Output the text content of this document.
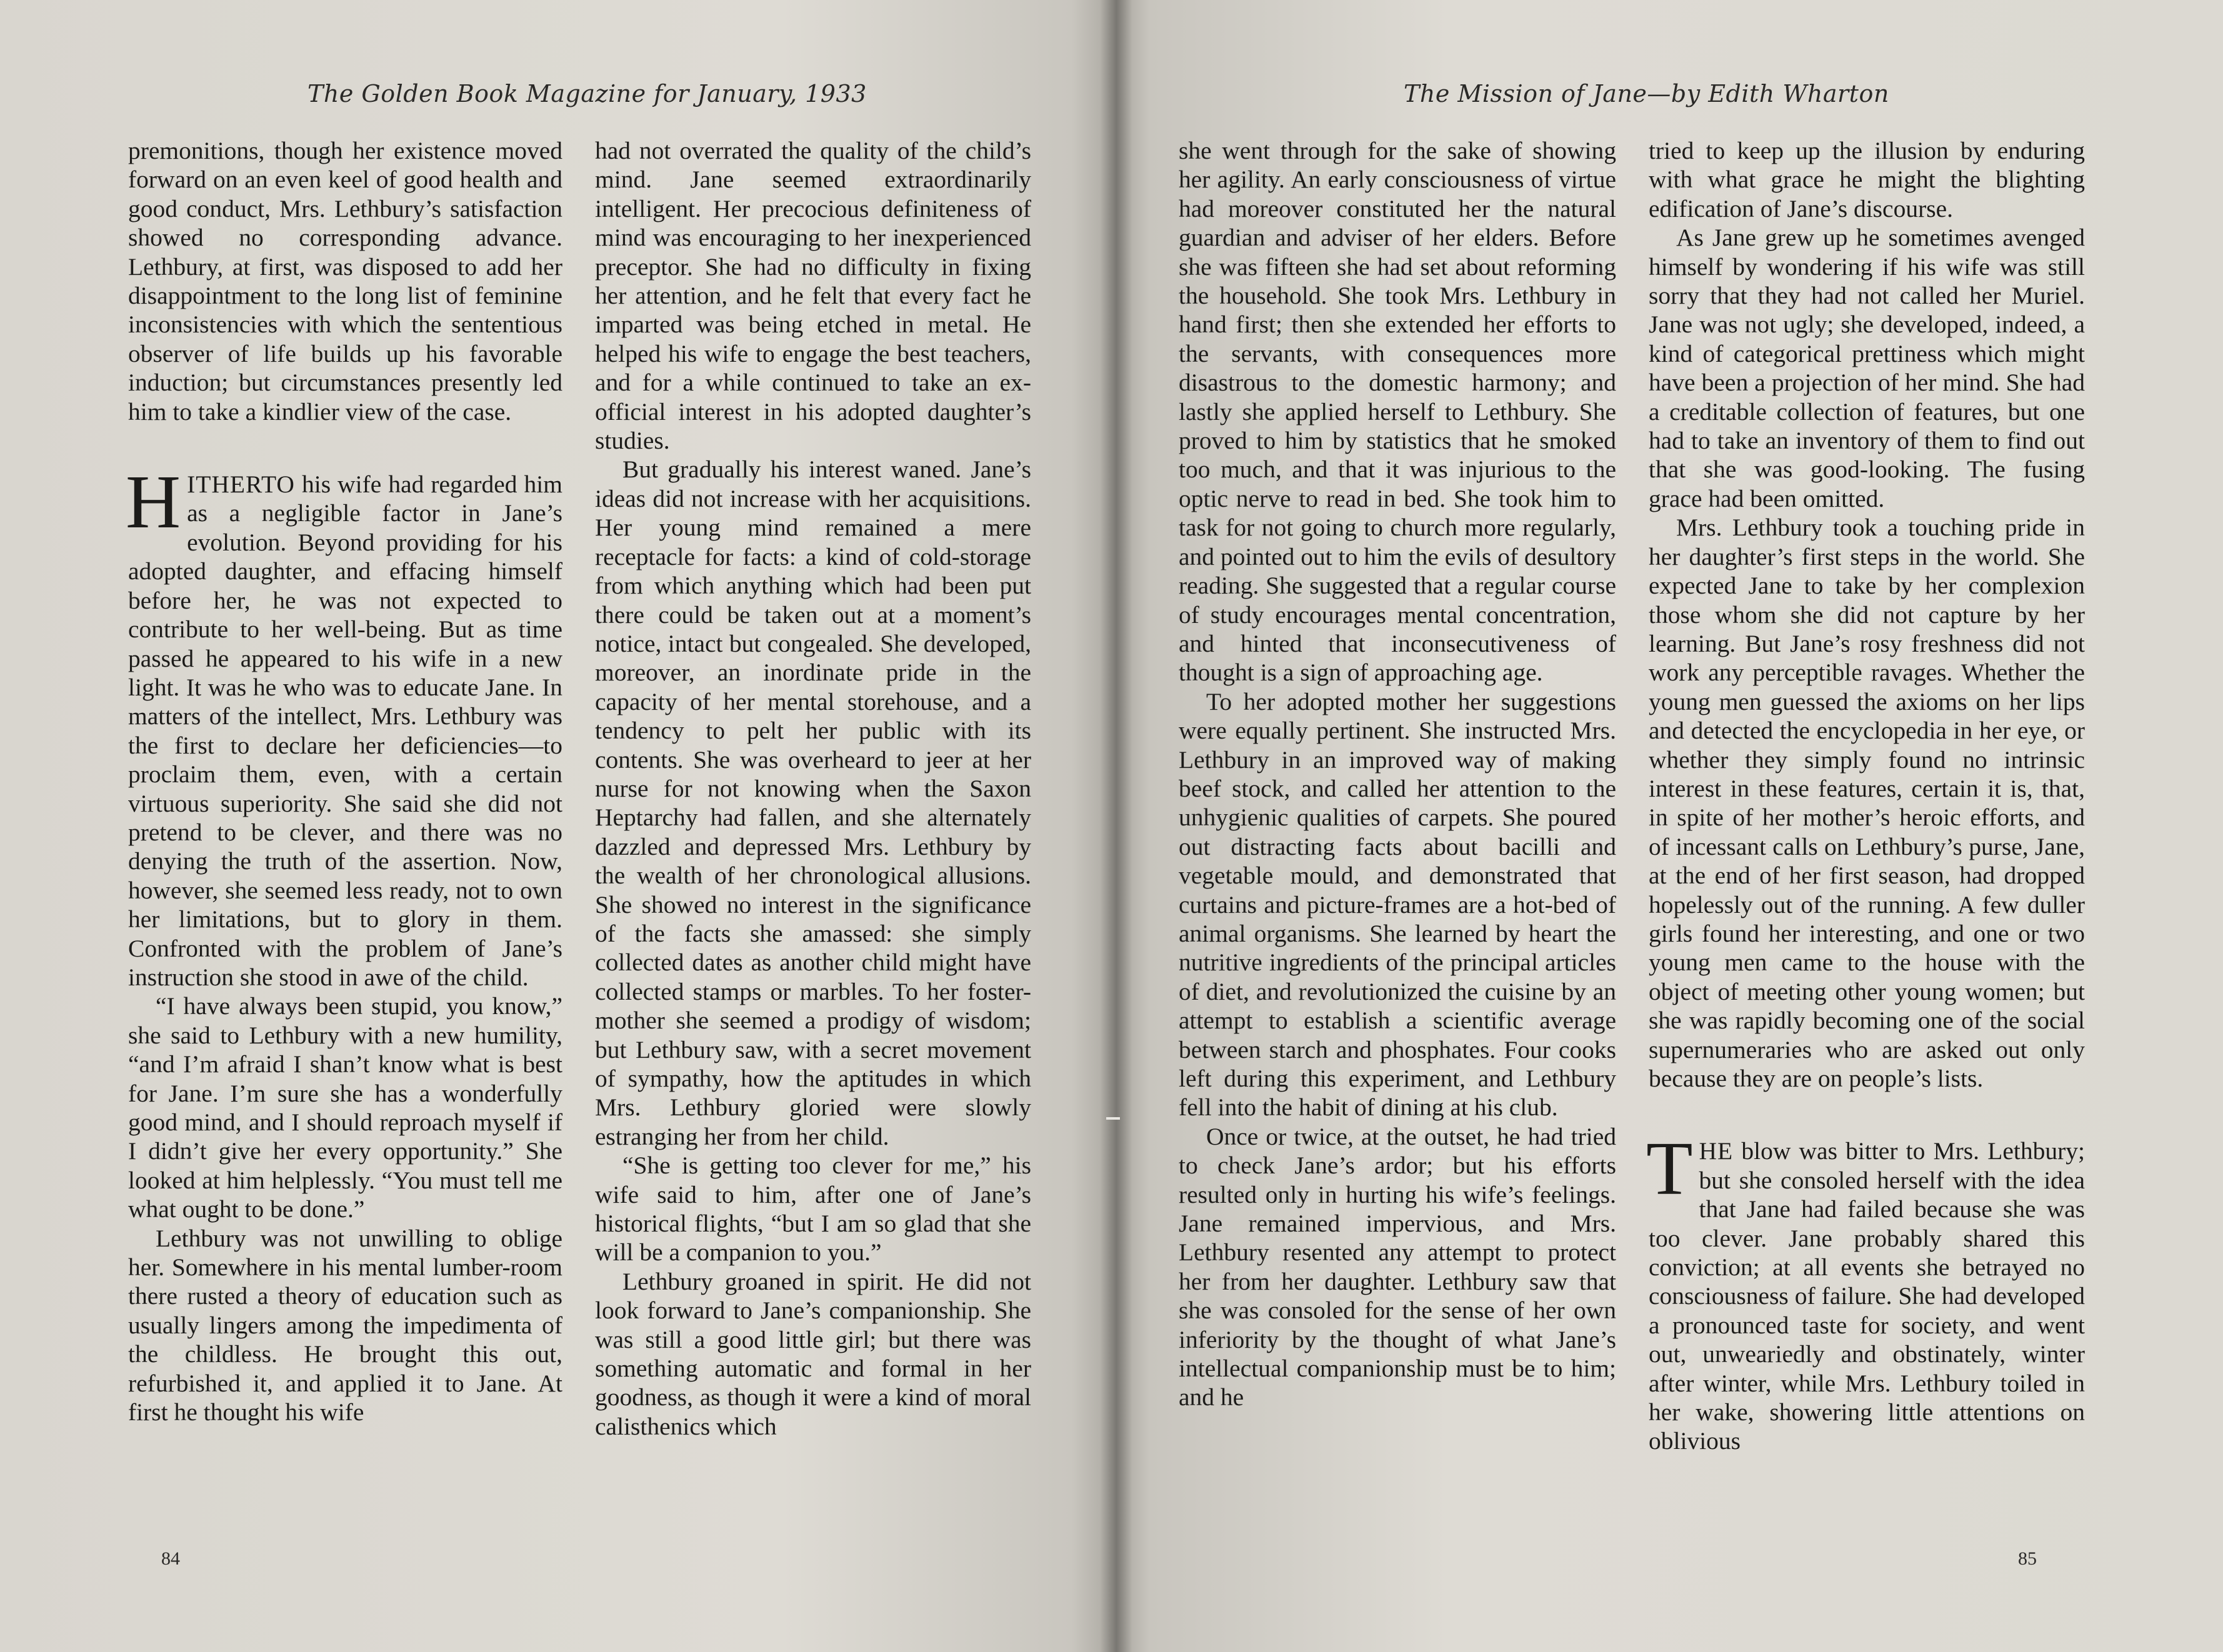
The Golden Book Magazine for January, 1933

premonitions, though her existence moved forward on an even keel of good health and good conduct, Mrs. Lethbury’s satisfaction showed no corresponding advance. Lethbury, at first, was disposed to add her disappointment to the long list of feminine inconsistencies with which the sententious observer of life builds up his favorable induction; but circumstances presently led him to take a kindlier view of the case.

HITHERTO his wife had regarded him as a negligible factor in Jane’s evolution. Beyond providing for his adopted daughter, and effacing himself before her, he was not expected to contribute to her well-being. But as time passed he appeared to his wife in a new light. It was he who was to educate Jane. In matters of the intellect, Mrs. Lethbury was the first to declare her deficiencies—to proclaim them, even, with a certain virtuous superiority. She said she did not pretend to be clever, and there was no denying the truth of the assertion. Now, however, she seemed less ready, not to own her limitations, but to glory in them. Confronted with the problem of Jane’s instruction she stood in awe of the child.

“I have always been stupid, you know,” she said to Lethbury with a new humility, “and I’m afraid I shan’t know what is best for Jane. I’m sure she has a wonderfully good mind, and I should reproach myself if I didn’t give her every opportunity.” She looked at him helplessly. “You must tell me what ought to be done.”

Lethbury was not unwilling to oblige her. Somewhere in his mental lumber-room there rusted a theory of education such as usually lingers among the impedimenta of the childless. He brought this out, refurbished it, and applied it to Jane. At first he thought his wife

had not overrated the quality of the child’s mind. Jane seemed extraordinarily intelligent. Her precocious definiteness of mind was encouraging to her inexperienced preceptor. She had no difficulty in fixing her attention, and he felt that every fact he imparted was being etched in metal. He helped his wife to engage the best teachers, and for a while continued to take an ex-official interest in his adopted daughter’s studies.

But gradually his interest waned. Jane’s ideas did not increase with her acquisitions. Her young mind remained a mere receptacle for facts: a kind of cold-storage from which anything which had been put there could be taken out at a moment’s notice, intact but congealed. She developed, moreover, an inordinate pride in the capacity of her mental storehouse, and a tendency to pelt her public with its contents. She was overheard to jeer at her nurse for not knowing when the Saxon Heptarchy had fallen, and she alternately dazzled and depressed Mrs. Lethbury by the wealth of her chronological allusions. She showed no interest in the significance of the facts she amassed: she simply collected dates as another child might have collected stamps or marbles. To her foster-mother she seemed a prodigy of wisdom; but Lethbury saw, with a secret movement of sympathy, how the aptitudes in which Mrs. Lethbury gloried were slowly estranging her from her child.

“She is getting too clever for me,” his wife said to him, after one of Jane’s historical flights, “but I am so glad that she will be a companion to you.”

Lethbury groaned in spirit. He did not look forward to Jane’s companionship. She was still a good little girl; but there was something automatic and formal in her goodness, as though it were a kind of moral calisthenics which

84
The Mission of Jane—by Edith Wharton

she went through for the sake of showing her agility. An early consciousness of virtue had moreover constituted her the natural guardian and adviser of her elders. Before she was fifteen she had set about reforming the household. She took Mrs. Lethbury in hand first; then she extended her efforts to the servants, with consequences more disastrous to the domestic harmony; and lastly she applied herself to Lethbury. She proved to him by statistics that he smoked too much, and that it was injurious to the optic nerve to read in bed. She took him to task for not going to church more regularly, and pointed out to him the evils of desultory reading. She suggested that a regular course of study encourages mental concentration, and hinted that inconsecutiveness of thought is a sign of approaching age.

To her adopted mother her suggestions were equally pertinent. She instructed Mrs. Lethbury in an improved way of making beef stock, and called her attention to the unhygienic qualities of carpets. She poured out distracting facts about bacilli and vegetable mould, and demonstrated that curtains and picture-frames are a hot-bed of animal organisms. She learned by heart the nutritive ingredients of the principal articles of diet, and revolutionized the cuisine by an attempt to establish a scientific average between starch and phosphates. Four cooks left during this experiment, and Lethbury fell into the habit of dining at his club.

Once or twice, at the outset, he had tried to check Jane’s ardor; but his efforts resulted only in hurting his wife’s feelings. Jane remained impervious, and Mrs. Lethbury resented any attempt to protect her from her daughter. Lethbury saw that she was consoled for the sense of her own inferiority by the thought of what Jane’s intellectual companionship must be to him; and he

tried to keep up the illusion by enduring with what grace he might the blighting edification of Jane’s discourse.

As Jane grew up he sometimes avenged himself by wondering if his wife was still sorry that they had not called her Muriel. Jane was not ugly; she developed, indeed, a kind of categorical prettiness which might have been a projection of her mind. She had a creditable collection of features, but one had to take an inventory of them to find out that she was good-looking. The fusing grace had been omitted.

Mrs. Lethbury took a touching pride in her daughter’s first steps in the world. She expected Jane to take by her complexion those whom she did not capture by her learning. But Jane’s rosy freshness did not work any perceptible ravages. Whether the young men guessed the axioms on her lips and detected the encyclopedia in her eye, or whether they simply found no intrinsic interest in these features, certain it is, that, in spite of her mother’s heroic efforts, and of incessant calls on Lethbury’s purse, Jane, at the end of her first season, had dropped hopelessly out of the running. A few duller girls found her interesting, and one or two young men came to the house with the object of meeting other young women; but she was rapidly becoming one of the social supernumeraries who are asked out only because they are on people’s lists.

THE blow was bitter to Mrs. Lethbury; but she consoled herself with the idea that Jane had failed because she was too clever. Jane probably shared this conviction; at all events she betrayed no consciousness of failure. She had developed a pronounced taste for society, and went out, unweariedly and obstinately, winter after winter, while Mrs. Lethbury toiled in her wake, showering little attentions on oblivious

85
